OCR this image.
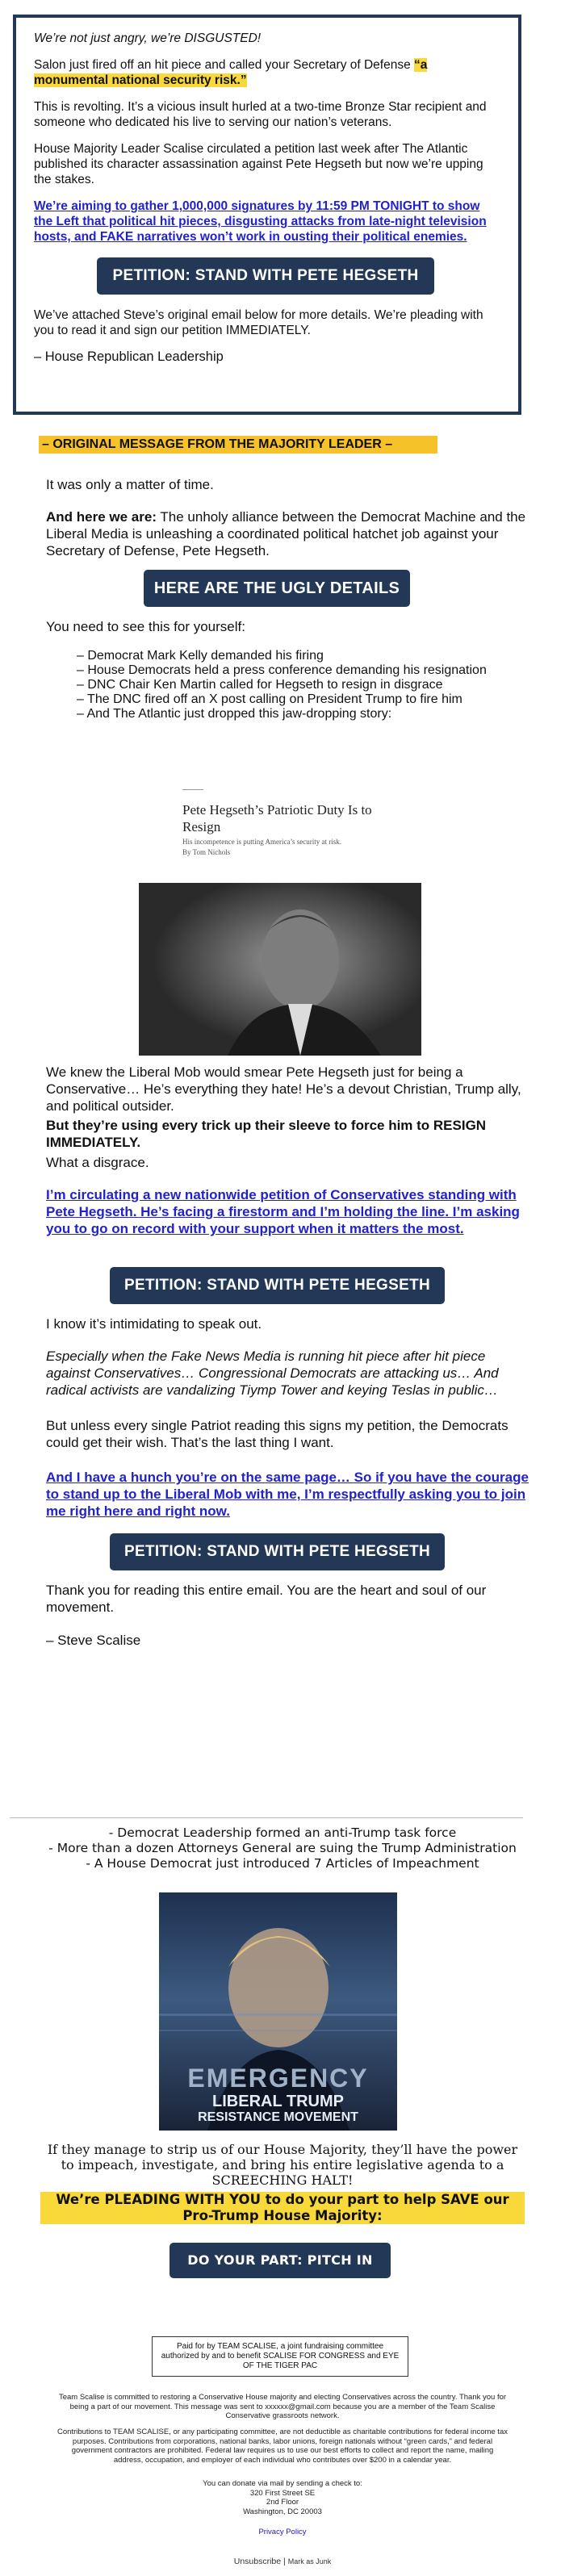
We’re not just angry, we’re DISGUSTED!

Salon just fired off an hit piece and called your Secretary of Defense “a monumental national security risk.”

This is revolting. It’s a vicious insult hurled at a two-time Bronze Star recipient and someone who dedicated his live to serving our nation’s veterans.

House Majority Leader Scalise circulated a petition last week after The Atlantic published its character assassination against Pete Hegseth but now we’re upping the stakes.

We’re aiming to gather 1,000,000 signatures by 11:59 PM TONIGHT to show the Left that political hit pieces, disgusting attacks from late-night television hosts, and FAKE narratives won’t work in ousting their political enemies.

PETITION: STAND WITH PETE HEGSETH

We’ve attached Steve’s original email below for more details. We’re pleading with you to read it and sign our petition IMMEDIATELY.

– House Republican Leadership

– ORIGINAL MESSAGE FROM THE MAJORITY LEADER –
It was only a matter of time.

And here we are: The unholy alliance between the Democrat Machine and the Liberal Media is unleashing a coordinated political hatchet job against your Secretary of Defense, Pete Hegseth.

HERE ARE THE UGLY DETAILS
You need to see this for yourself:
– Democrat Mark Kelly demanded his firing
– House Democrats held a press conference demanding his resignation
– DNC Chair Ken Martin called for Hegseth to resign in disgrace
– The DNC fired off an X post calling on President Trump to fire him
– And The Atlantic just dropped this jaw-dropping story:
Pete Hegseth’s Patriotic Duty Is to Resign
His incompetence is putting America’s security at risk.
By Tom Nichols
We knew the Liberal Mob would smear Pete Hegseth just for being a Conservative… He’s everything they hate! He’s a devout Christian, Trump ally, and political outsider.
But they’re using every trick up their sleeve to force him to RESIGN IMMEDIATELY.
What a disgrace.
I’m circulating a new nationwide petition of Conservatives standing with Pete Hegseth. He’s facing a firestorm and I’m holding the line. I’m asking you to go on record with your support when it matters the most.
PETITION: STAND WITH PETE HEGSETH
I know it’s intimidating to speak out.
Especially when the Fake News Media is running hit piece after hit piece against Conservatives… Congressional Democrats are attacking us… And radical activists are vandalizing Tiymp Tower and keying Teslas in public…
But unless every single Patriot reading this signs my petition, the Democrats could get their wish. That’s the last thing I want.
And I have a hunch you’re on the same page… So if you have the courage to stand up to the Liberal Mob with me, I’m respectfully asking you to join me right here and right now.
PETITION: STAND WITH PETE HEGSETH
Thank you for reading this entire email. You are the heart and soul of our movement.
– Steve Scalise
- Democrat Leadership formed an anti-Trump task force
- More than a dozen Attorneys General are suing the Trump Administration
- A House Democrat just introduced 7 Articles of Impeachment
EMERGENCY
LIBERAL TRUMP
RESISTANCE MOVEMENT
If they manage to strip us of our House Majority, they’ll have the power to impeach, investigate, and bring his entire legislative agenda to a SCREECHING HALT!
We’re PLEADING WITH YOU to do your part to help SAVE our Pro-Trump House Majority:
DO YOUR PART: PITCH IN NOW
Paid for by TEAM SCALISE, a joint fundraising committee authorized by and to benefit SCALISE FOR CONGRESS and EYE OF THE TIGER PAC
Team Scalise is committed to restoring a Conservative House majority and electing Conservatives across the country. Thank you for being a part of our movement. This message was sent to xxxxxx@gmail.com because you are a member of the Team Scalise Conservative grassroots network.
Contributions to TEAM SCALISE, or any participating committee, are not deductible as charitable contributions for federal income tax purposes. Contributions from corporations, national banks, labor unions, foreign nationals without “green cards,” and federal government contractors are prohibited. Federal law requires us to use our best efforts to collect and report the name, mailing address, occupation, and employer of each individual who contributes over $200 in a calendar year.
You can donate via mail by sending a check to:
320 First Street SE
2nd Floor
Washington, DC 20003
Privacy Policy
Unsubscribe | Mark as Junk
